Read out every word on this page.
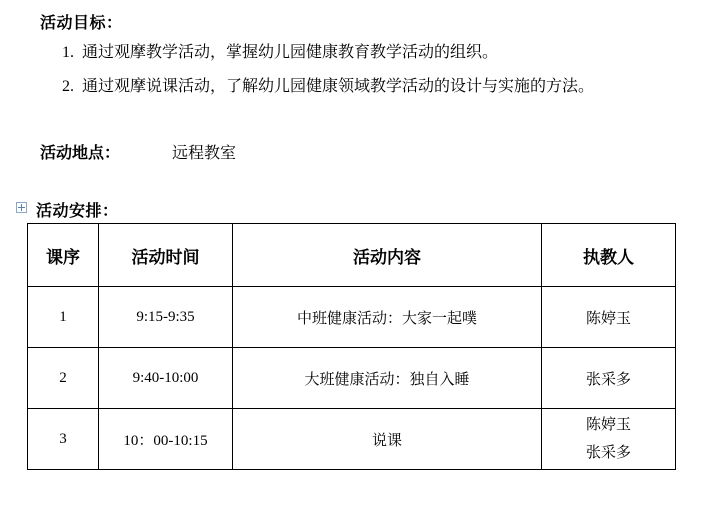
活动目标：
1. 通过观摩教学活动，掌握幼儿园健康教育教学活动的组织。
2. 通过观摩说课活动，了解幼儿园健康领域教学活动的设计与实施的方法。
活动地点：	远程教室
活动安排：
课序	活动时间	活动内容	执教人
1	9:15-9:35	中班健康活动：大家一起噗	陈婷玉
2	9:40-10:00	大班健康活动：独自入睡	张采多
3	10：00-10:15	说课	陈婷玉
张采多
